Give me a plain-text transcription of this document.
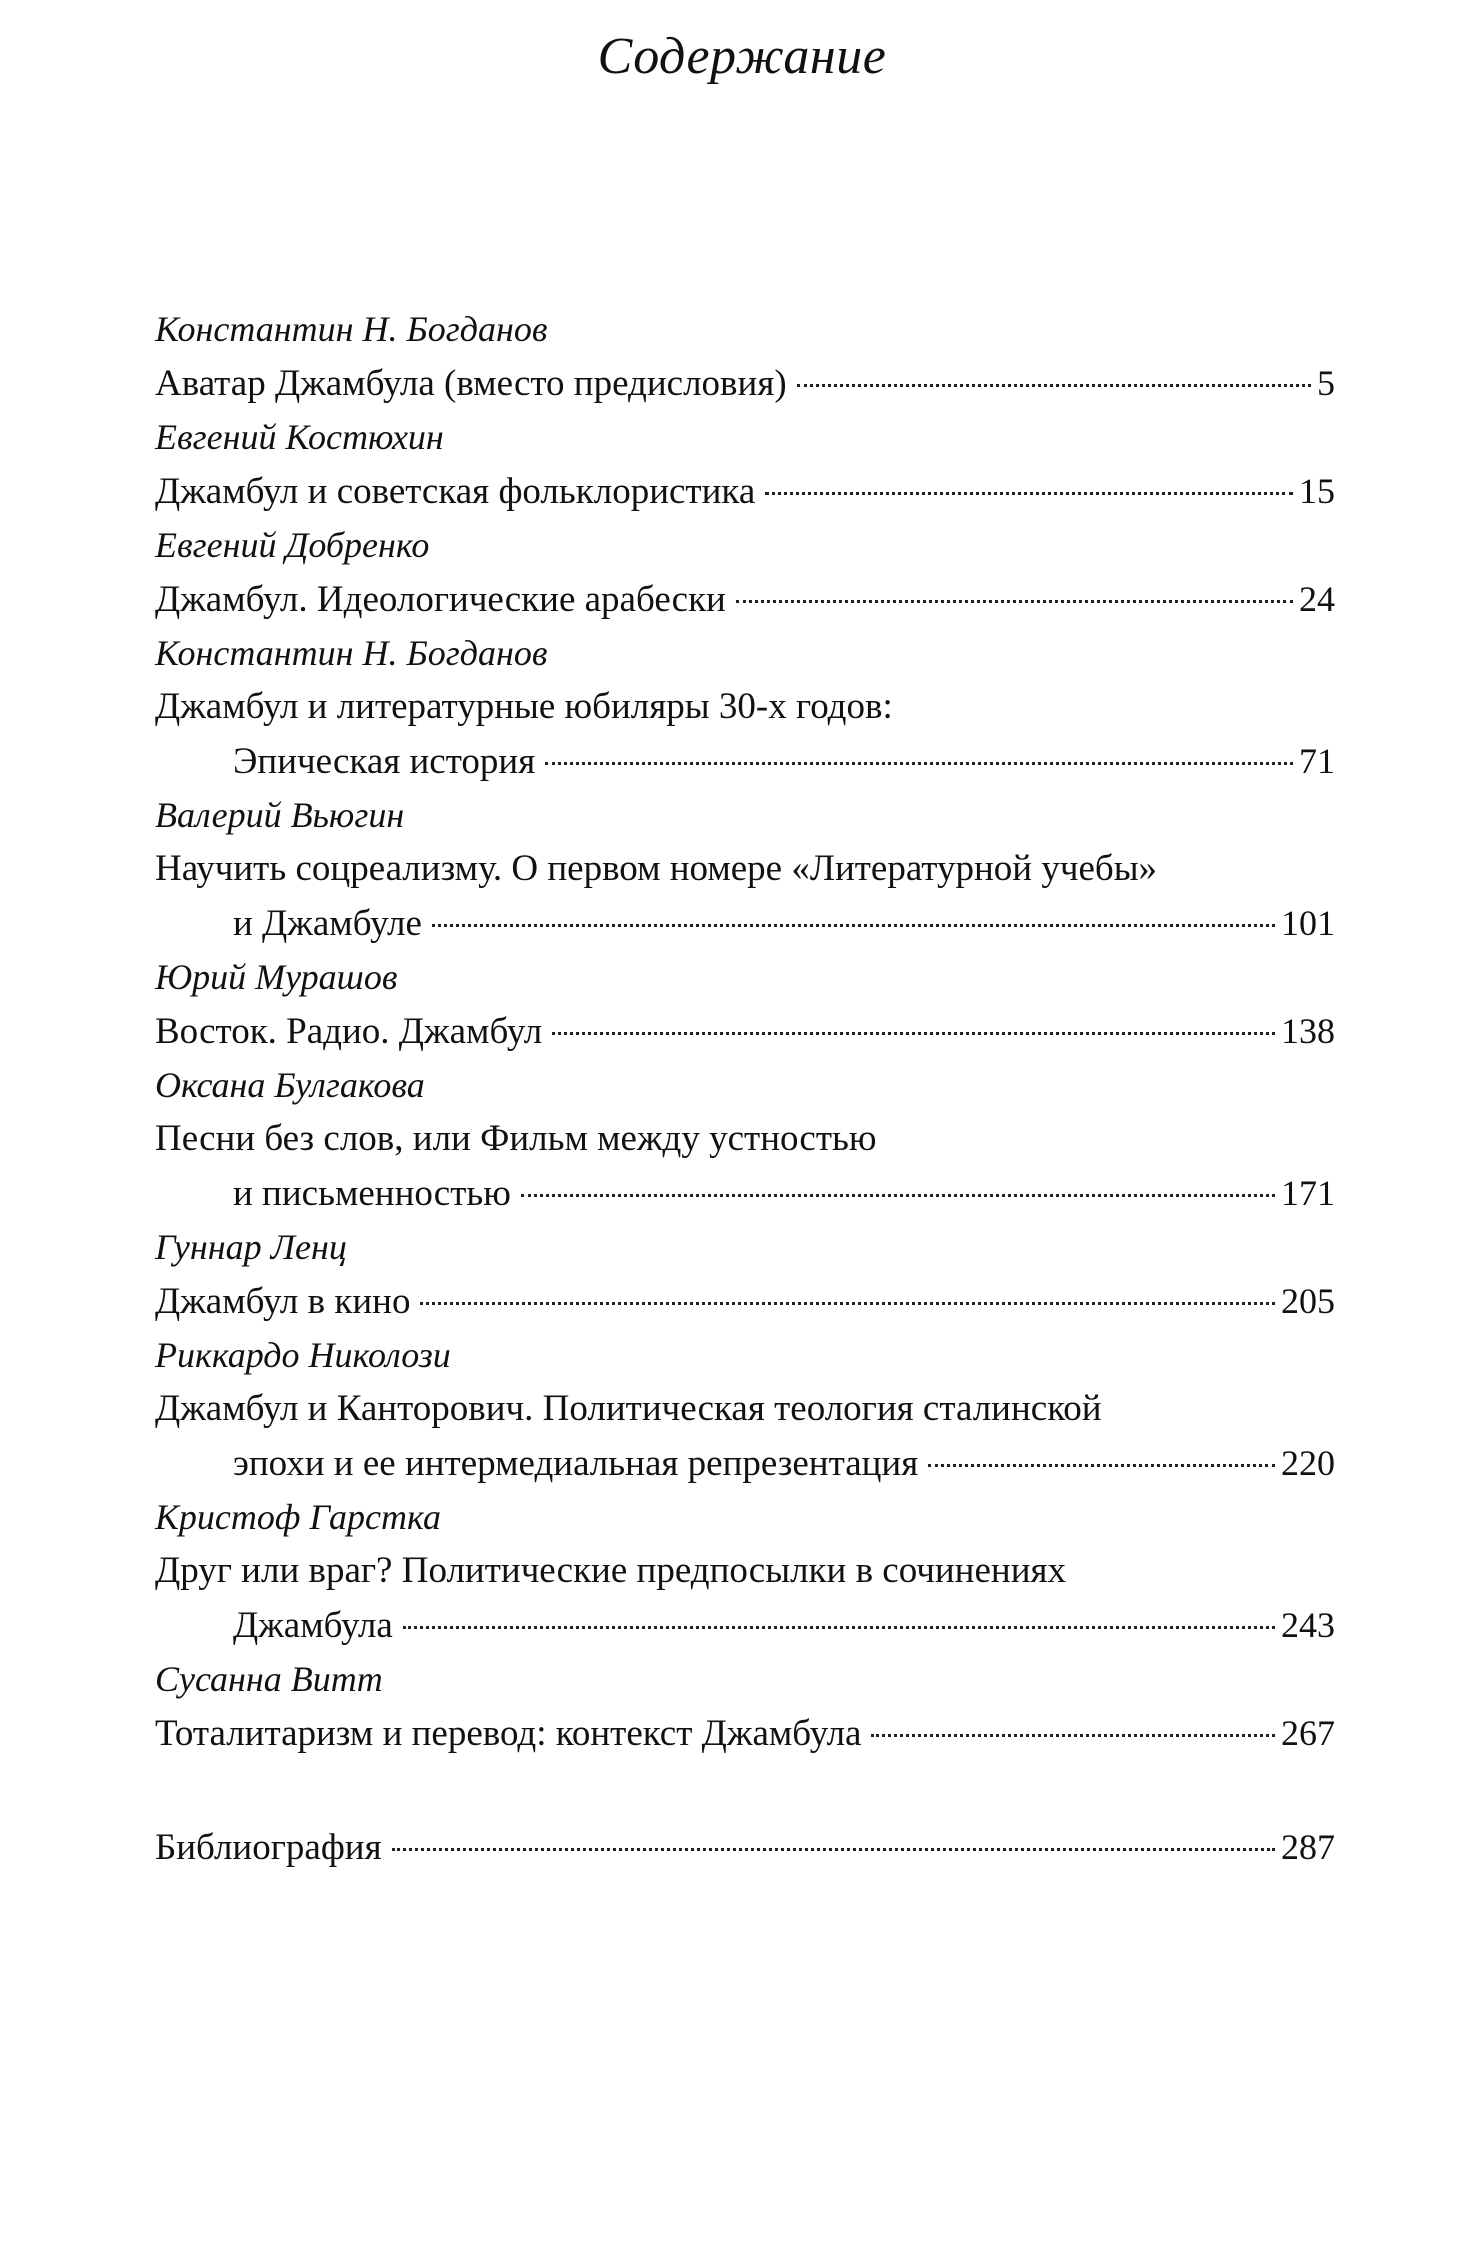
Содержание
Константин Н. Богданов
Аватар Джамбула (вместо предисловия)	5
Евгений Костюхин
Джамбул и советская фольклористика	15
Евгений Добренко
Джамбул. Идеологические арабески	24
Константин Н. Богданов
Джамбул и литературные юбиляры 30-х годов:
Эпическая история	71
Валерий Вьюгин
Научить соцреализму. О первом номере «Литературной учебы»
и Джамбуле	101
Юрий Мурашов
Восток. Радио. Джамбул	138
Оксана Булгакова
Песни без слов, или Фильм между устностью
и письменностью	171
Гуннар Ленц
Джамбул в кино	205
Риккардо Николози
Джамбул и Канторович. Политическая теология сталинской
эпохи и ее интермедиальная репрезентация	220
Кристоф Гарстка
Друг или враг? Политические предпосылки в сочинениях
Джамбула	243
Сусанна Витт
Тоталитаризм и перевод: контекст Джамбула	267
Библиография	287
